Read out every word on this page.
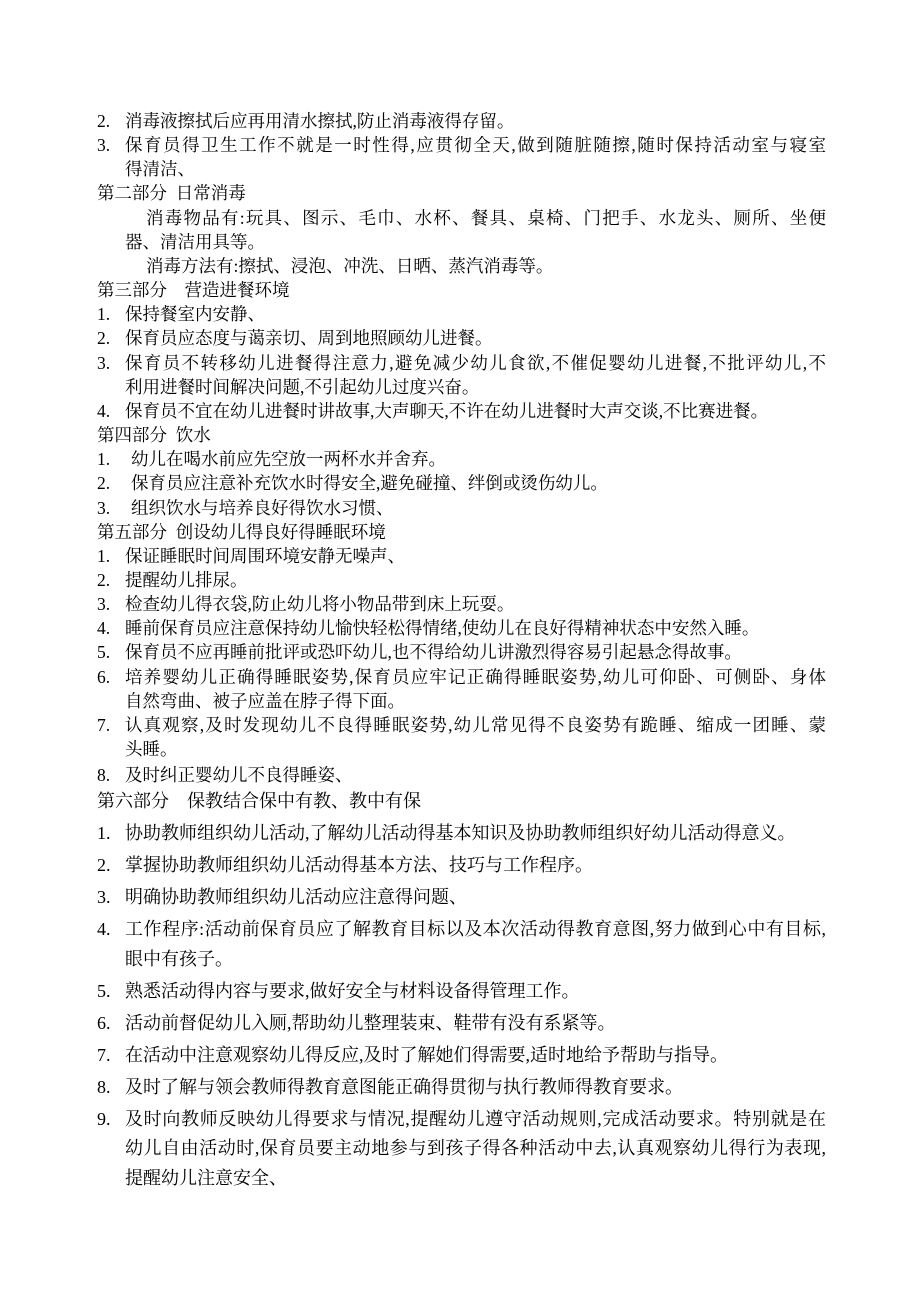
2. 消毒液擦拭后应再用清水擦拭,防止消毒液得存留。
3. 保育员得卫生工作不就是一时性得,应贯彻全天,做到随脏随擦,随时保持活动室与寝室
得清洁、
第二部分  日常消毒
消毒物品有:玩具、图示、毛巾、水杯、餐具、桌椅、门把手、水龙头、厕所、坐便
器、清洁用具等。
消毒方法有:擦拭、浸泡、冲洗、日晒、蒸汽消毒等。
第三部分    营造进餐环境
1. 保持餐室内安静、
2. 保育员应态度与蔼亲切、周到地照顾幼儿进餐。
3. 保育员不转移幼儿进餐得注意力,避免减少幼儿食欲,不催促婴幼儿进餐,不批评幼儿,不
利用进餐时间解决问题,不引起幼儿过度兴奋。
4. 保育员不宜在幼儿进餐时讲故事,大声聊天,不许在幼儿进餐时大声交谈,不比赛进餐。
第四部分  饮水
1.	幼儿在喝水前应先空放一两杯水并舍弃。
2.	保育员应注意补充饮水时得安全,避免碰撞、绊倒或烫伤幼儿。
3.	组织饮水与培养良好得饮水习惯、
第五部分  创设幼儿得良好得睡眠环境
1. 保证睡眠时间周围环境安静无噪声、
2. 提醒幼儿排尿。
3. 检查幼儿得衣袋,防止幼儿将小物品带到床上玩耍。
4. 睡前保育员应注意保持幼儿愉快轻松得情绪,使幼儿在良好得精神状态中安然入睡。
5. 保育员不应再睡前批评或恐吓幼儿,也不得给幼儿讲激烈得容易引起悬念得故事。
6. 培养婴幼儿正确得睡眠姿势,保育员应牢记正确得睡眠姿势,幼儿可仰卧、可侧卧、身体
自然弯曲、被子应盖在脖子得下面。
7. 认真观察,及时发现幼儿不良得睡眠姿势,幼儿常见得不良姿势有跪睡、缩成一团睡、蒙
头睡。
8. 及时纠正婴幼儿不良得睡姿、
第六部分    保教结合保中有教、教中有保
1. 协助教师组织幼儿活动,了解幼儿活动得基本知识及协助教师组织好幼儿活动得意义。
2. 掌握协助教师组织幼儿活动得基本方法、技巧与工作程序。
3. 明确协助教师组织幼儿活动应注意得问题、
4. 工作程序:活动前保育员应了解教育目标以及本次活动得教育意图,努力做到心中有目标,
眼中有孩子。
5. 熟悉活动得内容与要求,做好安全与材料设备得管理工作。
6. 活动前督促幼儿入厕,帮助幼儿整理装束、鞋带有没有系紧等。
7. 在活动中注意观察幼儿得反应,及时了解她们得需要,适时地给予帮助与指导。
8. 及时了解与领会教师得教育意图能正确得贯彻与执行教师得教育要求。
9. 及时向教师反映幼儿得要求与情况,提醒幼儿遵守活动规则,完成活动要求。特别就是在
幼儿自由活动时,保育员要主动地参与到孩子得各种活动中去,认真观察幼儿得行为表现,
提醒幼儿注意安全、
